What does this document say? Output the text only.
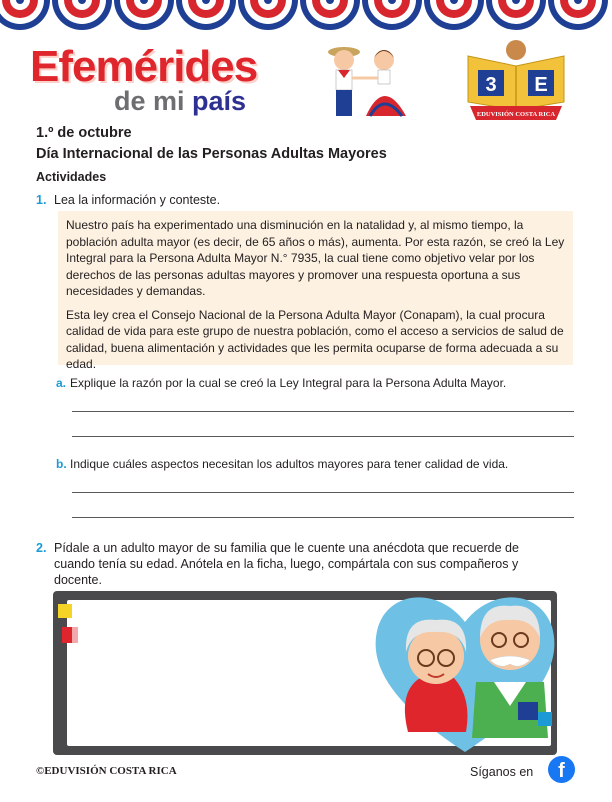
Efemérides
de mi país
3 E
EDUVISIÓN COSTA RICA
1.º de octubre
Día Internacional de las Personas Adultas Mayores
Actividades
1. Lea la información y conteste.

Nuestro país ha experimentado una disminución en la natalidad y, al mismo tiempo, la población adulta mayor (es decir, de 65 años o más), aumenta. Por esta razón, se creó la Ley Integral para la Persona Adulta Mayor N.° 7935, la cual tiene como objetivo velar por los derechos de las personas adultas mayores y promover una respuesta oportuna a sus necesidades y demandas.

Esta ley crea el Consejo Nacional de la Persona Adulta Mayor (Conapam), la cual procura calidad de vida para este grupo de nuestra población, como el acceso a servicios de salud de calidad, buena alimentación y actividades que les permita ocuparse de forma adecuada a su edad.

a. Explique la razón por la cual se creó la Ley Integral para la Persona Adulta Mayor.
b. Indique cuáles aspectos necesitan los adultos mayores para tener calidad de vida.
2. Pídale a un adulto mayor de su familia que le cuente una anécdota que recuerde de
cuando tenía su edad. Anótela en la ficha, luego, compártala con sus compañeros y docente.
©EDUVISIÓN COSTA RICA	Síganos en	f
